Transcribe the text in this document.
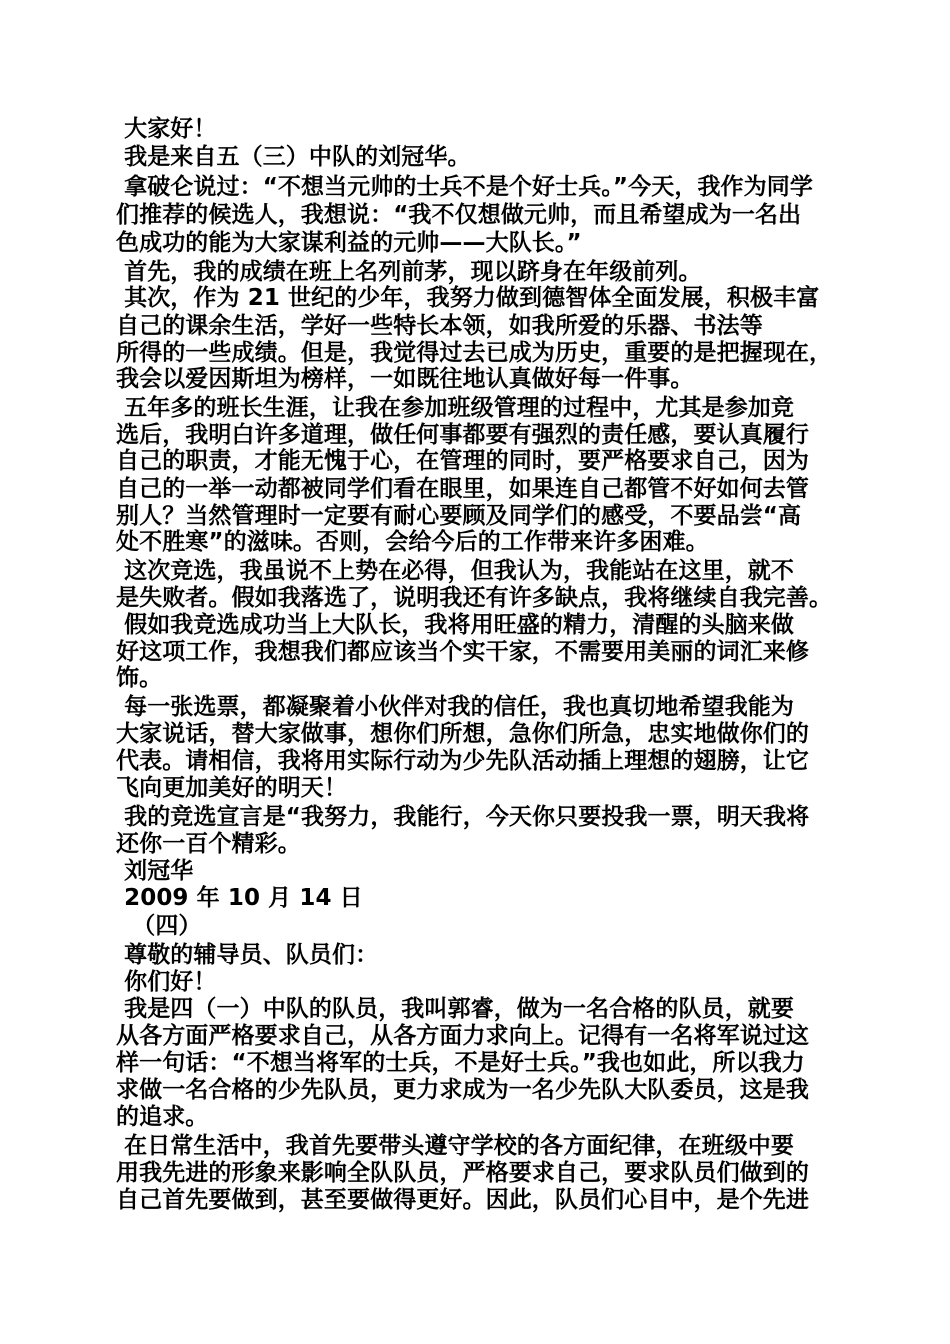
大家好！
我是来自五（三）中队的刘冠华。
拿破仑说过：“不想当元帅的士兵不是个好士兵。”今天，我作为同学
们推荐的候选人，我想说：“我不仅想做元帅，而且希望成为一名出
色成功的能为大家谋利益的元帅——大队长。”
首先，我的成绩在班上名列前茅，现以跻身在年级前列。
其次，作为 21 世纪的少年，我努力做到德智体全面发展，积极丰富
自己的课余生活，学好一些特长本领，如我所爱的乐器、书法等
所得的一些成绩。但是，我觉得过去已成为历史，重要的是把握现在，
我会以爱因斯坦为榜样，一如既往地认真做好每一件事。
五年多的班长生涯，让我在参加班级管理的过程中，尤其是参加竞
选后，我明白许多道理，做任何事都要有强烈的责任感，要认真履行
自己的职责，才能无愧于心，在管理的同时，要严格要求自己，因为
自己的一举一动都被同学们看在眼里，如果连自己都管不好如何去管
别人？当然管理时一定要有耐心要顾及同学们的感受，不要品尝“高
处不胜寒”的滋味。否则，会给今后的工作带来许多困难。
这次竞选，我虽说不上势在必得，但我认为，我能站在这里，就不
是失败者。假如我落选了，说明我还有许多缺点，我将继续自我完善。
假如我竞选成功当上大队长，我将用旺盛的精力，清醒的头脑来做
好这项工作，我想我们都应该当个实干家，不需要用美丽的词汇来修
饰。
每一张选票，都凝聚着小伙伴对我的信任，我也真切地希望我能为
大家说话，替大家做事，想你们所想，急你们所急，忠实地做你们的
代表。请相信，我将用实际行动为少先队活动插上理想的翅膀，让它
飞向更加美好的明天！
我的竞选宣言是“我努力，我能行，今天你只要投我一票，明天我将
还你一百个精彩。
刘冠华
2009 年 10 月 14 日
（四）
尊敬的辅导员、队员们：
你们好！
我是四（一）中队的队员，我叫郭睿，做为一名合格的队员，就要
从各方面严格要求自己，从各方面力求向上。记得有一名将军说过这
样一句话：“不想当将军的士兵，不是好士兵。”我也如此，所以我力
求做一名合格的少先队员，更力求成为一名少先队大队委员，这是我
的追求。
在日常生活中，我首先要带头遵守学校的各方面纪律，在班级中要
用我先进的形象来影响全队队员，严格要求自己，要求队员们做到的
自己首先要做到，甚至要做得更好。因此，队员们心目中，是个先进
